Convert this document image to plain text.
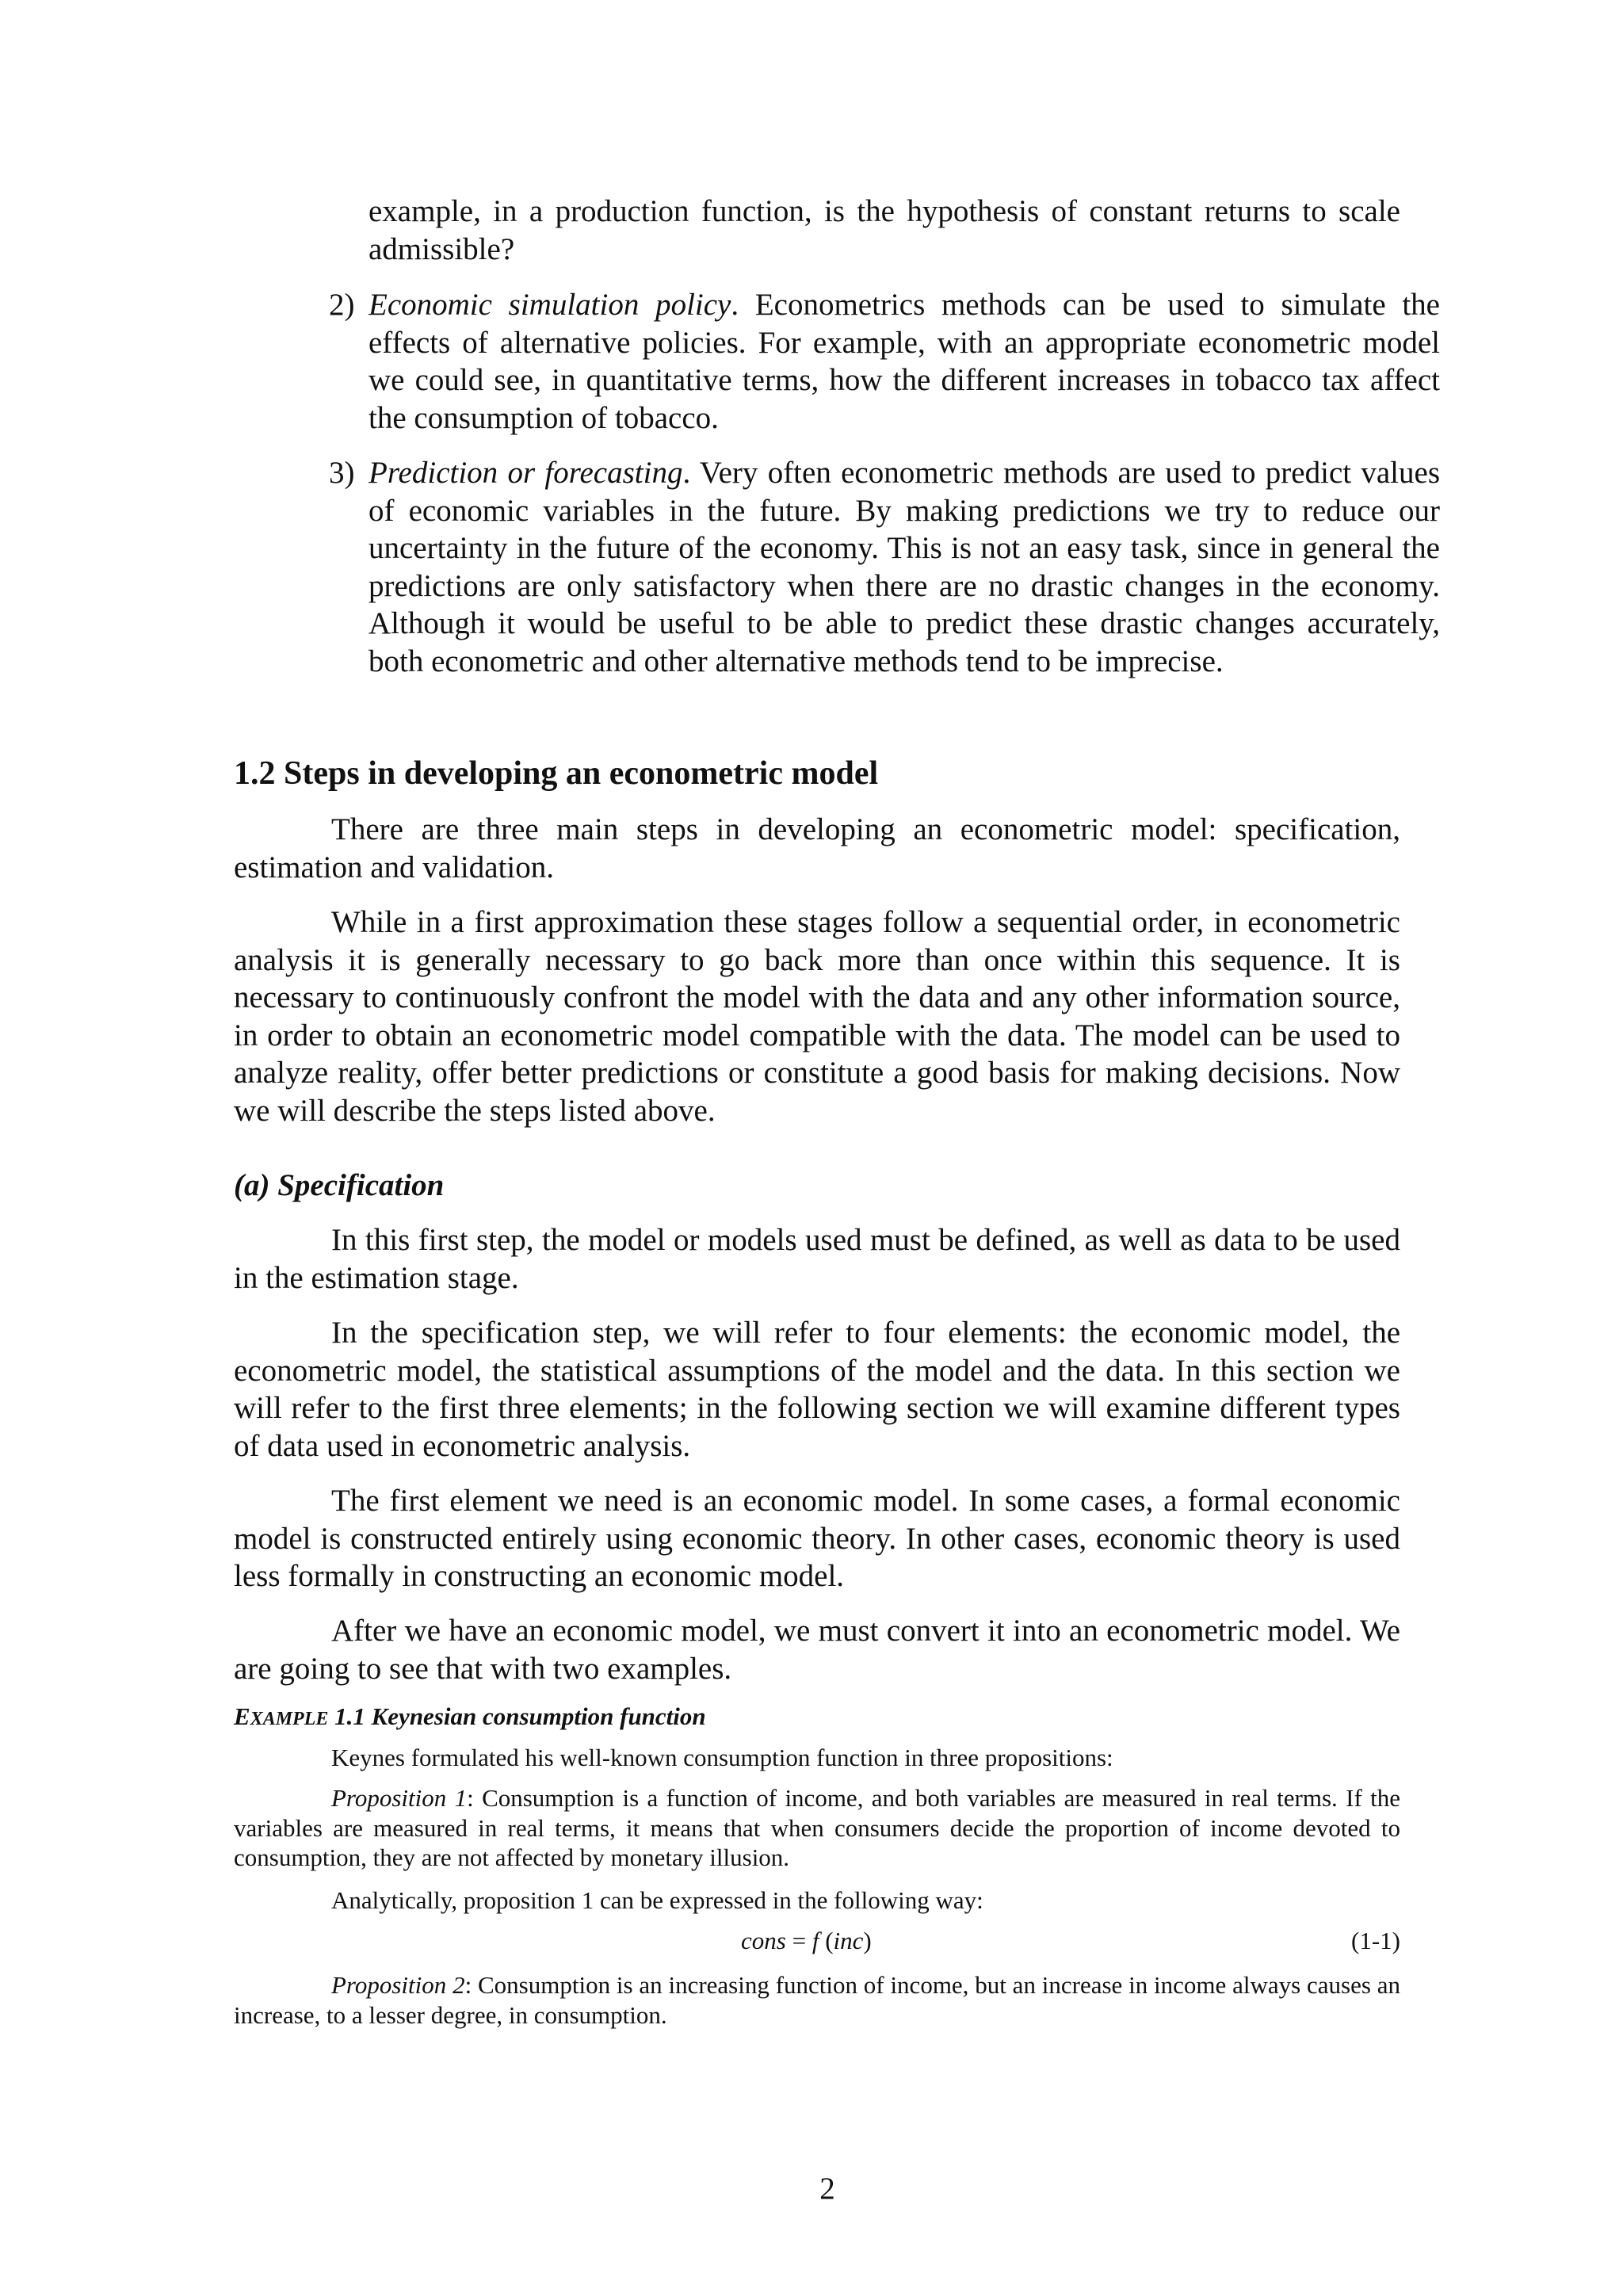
example, in a production function, is the hypothesis of constant returns to scale admissible?
2) Economic simulation policy. Econometrics methods can be used to simulate the effects of alternative policies. For example, with an appropriate econometric model we could see, in quantitative terms, how the different increases in tobacco tax affect the consumption of tobacco.
3) Prediction or forecasting. Very often econometric methods are used to predict values of economic variables in the future. By making predictions we try to reduce our uncertainty in the future of the economy. This is not an easy task, since in general the predictions are only satisfactory when there are no drastic changes in the economy. Although it would be useful to be able to predict these drastic changes accurately, both econometric and other alternative methods tend to be imprecise.
1.2 Steps in developing an econometric model
There are three main steps in developing an econometric model: specification, estimation and validation.
While in a first approximation these stages follow a sequential order, in econometric analysis it is generally necessary to go back more than once within this sequence. It is necessary to continuously confront the model with the data and any other information source, in order to obtain an econometric model compatible with the data. The model can be used to analyze reality, offer better predictions or constitute a good basis for making decisions. Now we will describe the steps listed above.
(a) Specification
In this first step, the model or models used must be defined, as well as data to be used in the estimation stage.
In the specification step, we will refer to four elements: the economic model, the econometric model, the statistical assumptions of the model and the data. In this section we will refer to the first three elements; in the following section we will examine different types of data used in econometric analysis.
The first element we need is an economic model. In some cases, a formal economic model is constructed entirely using economic theory. In other cases, economic theory is used less formally in constructing an economic model.
After we have an economic model, we must convert it into an econometric model. We are going to see that with two examples.
EXAMPLE 1.1 Keynesian consumption function
Keynes formulated his well-known consumption function in three propositions:
Proposition 1: Consumption is a function of income, and both variables are measured in real terms. If the variables are measured in real terms, it means that when consumers decide the proportion of income devoted to consumption, they are not affected by monetary illusion.
Analytically, proposition 1 can be expressed in the following way:
cons = f (inc)	(1-1)
Proposition 2: Consumption is an increasing function of income, but an increase in income always causes an increase, to a lesser degree, in consumption.
2
